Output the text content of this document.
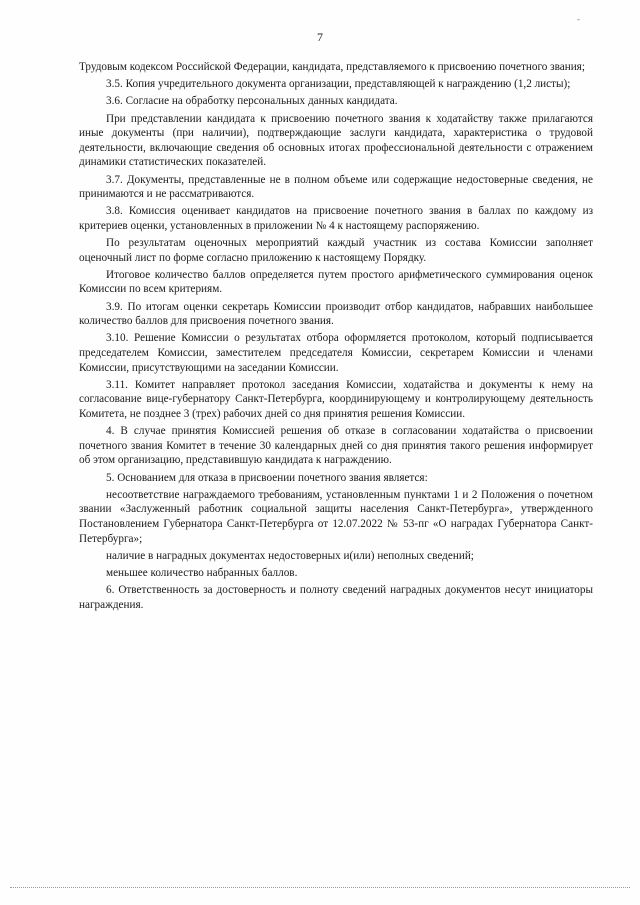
-
7

Трудовым кодексом Российской Федерации, кандидата, представляемого к присвоению почетного звания;

3.5. Копия учредительного документа организации, представляющей к награждению (1,2 листы);

3.6. Согласие на обработку персональных данных кандидата.

При представлении кандидата к присвоению почетного звания к ходатайству также прилагаются иные документы (при наличии), подтверждающие заслуги кандидата, характеристика о трудовой деятельности, включающие сведения об основных итогах профессиональной деятельности с отражением динамики статистических показателей.

3.7. Документы, представленные не в полном объеме или содержащие недостоверные сведения, не принимаются и не рассматриваются.

3.8. Комиссия оценивает кандидатов на присвоение почетного звания в баллах по каждому из критериев оценки, установленных в приложении № 4 к настоящему распоряжению.

По результатам оценочных мероприятий каждый участник из состава Комиссии заполняет оценочный лист по форме согласно приложению к настоящему Порядку.

Итоговое количество баллов определяется путем простого арифметического суммирования оценок Комиссии по всем критериям.

3.9. По итогам оценки секретарь Комиссии производит отбор кандидатов, набравших наибольшее количество баллов для присвоения почетного звания.

3.10. Решение Комиссии о результатах отбора оформляется протоколом, который подписывается председателем Комиссии, заместителем председателя Комиссии, секретарем Комиссии и членами Комиссии, присутствующими на заседании Комиссии.

3.11. Комитет направляет протокол заседания Комиссии, ходатайства и документы к нему на согласование вице-губернатору Санкт-Петербурга, координирующему и контролирующему деятельность Комитета, не позднее 3 (трех) рабочих дней со дня принятия решения Комиссии.

4. В случае принятия Комиссией решения об отказе в согласовании ходатайства о присвоении почетного звания Комитет в течение 30 календарных дней со дня принятия такого решения информирует об этом организацию, представившую кандидата к награждению.

5. Основанием для отказа в присвоении почетного звания является:

несоответствие награждаемого требованиям, установленным пунктами 1 и 2 Положения о почетном звании «Заслуженный работник социальной защиты населения Санкт-Петербурга», утвержденного Постановлением Губернатора Санкт-Петербурга от 12.07.2022 № 53-пг «О наградах Губернатора Санкт-Петербурга»;

наличие в наградных документах недостоверных и(или) неполных сведений;

меньшее количество набранных баллов.

6. Ответственность за достоверность и полноту сведений наградных документов несут инициаторы награждения.
